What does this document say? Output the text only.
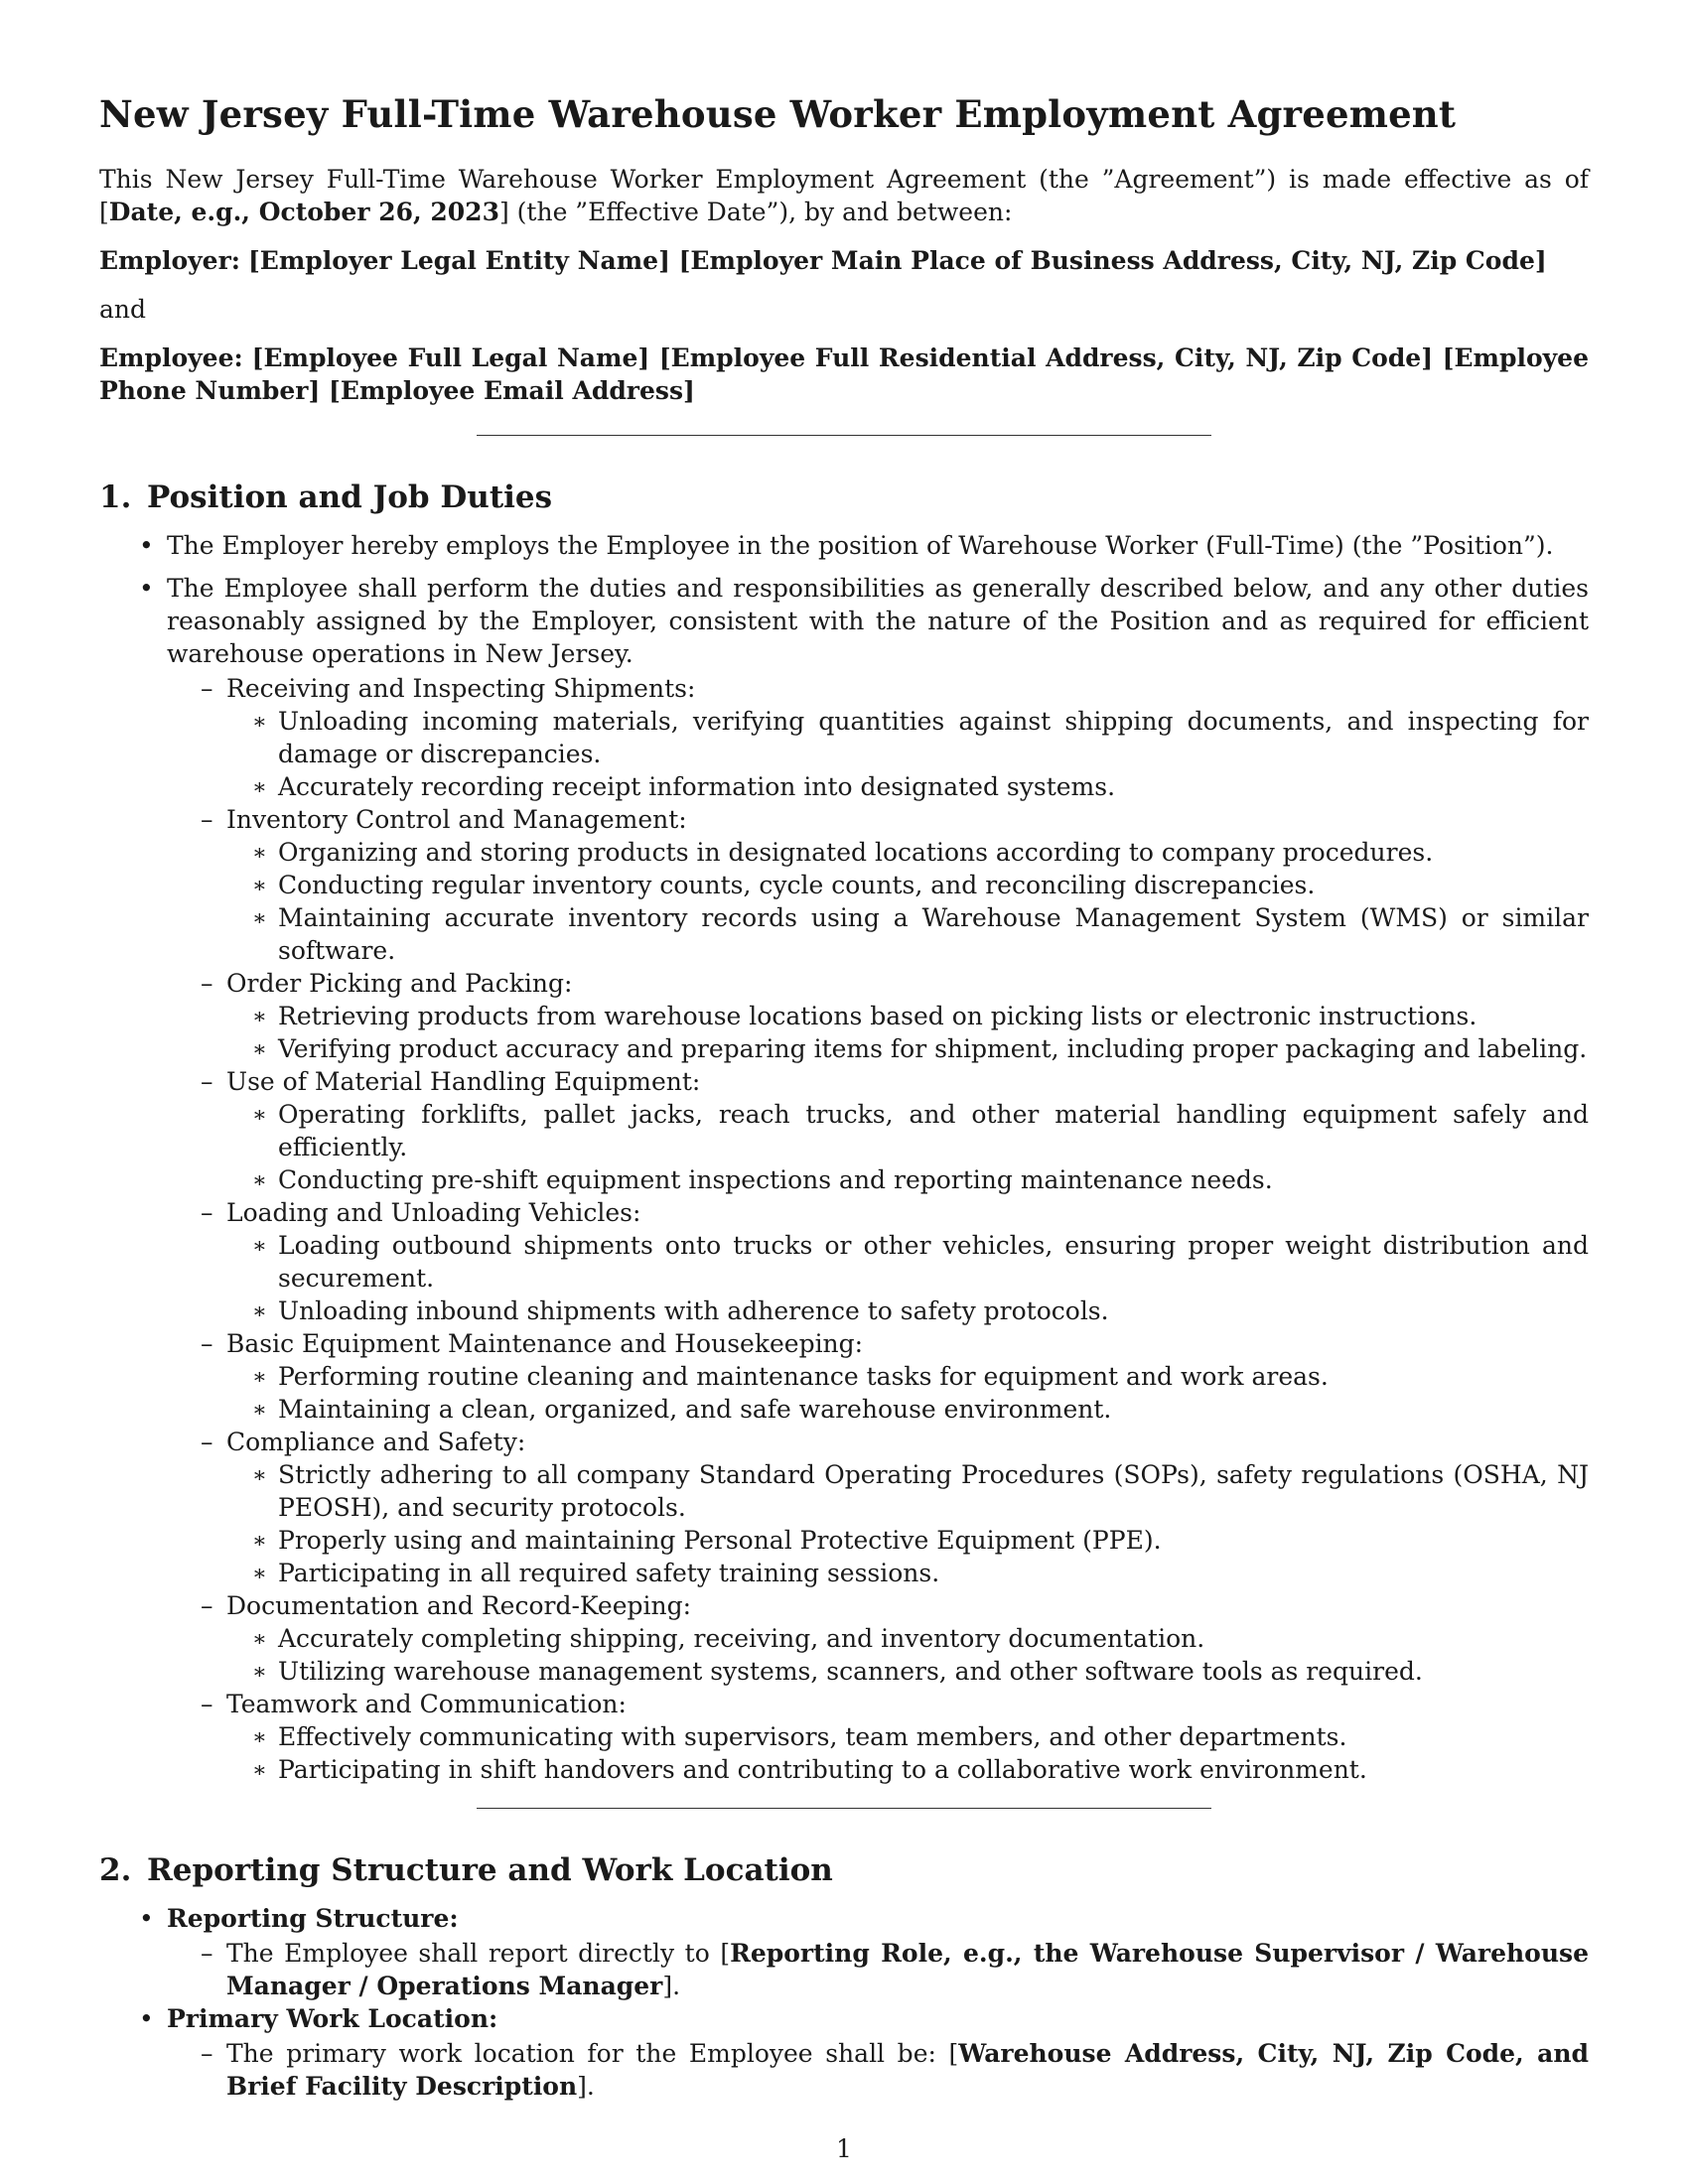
New Jersey Full-Time Warehouse Worker Employment Agreement

This New Jersey Full-Time Warehouse Worker Employment Agreement (the ”Agreement”) is made effective as of [Date, e.g., October 26, 2023] (the ”Effective Date”), by and between:

Employer: [Employer Legal Entity Name] [Employer Main Place of Business Address, City, NJ, Zip Code]

and

Employee: [Employee Full Legal Name] [Employee Full Residential Address, City, NJ, Zip Code] [Employee Phone Number] [Employee Email Address]

1. Position and Job Duties
• The Employer hereby employs the Employee in the position of Warehouse Worker (Full-Time) (the ”Position”).
• The Employee shall perform the duties and responsibilities as generally described below, and any other duties reasonably assigned by the Employer, consistent with the nature of the Position and as required for efficient warehouse operations in New Jersey.
– Receiving and Inspecting Shipments:
∗ Unloading incoming materials, verifying quantities against shipping documents, and inspecting for damage or discrepancies.
∗ Accurately recording receipt information into designated systems.
– Inventory Control and Management:
∗ Organizing and storing products in designated locations according to company procedures.
∗ Conducting regular inventory counts, cycle counts, and reconciling discrepancies.
∗ Maintaining accurate inventory records using a Warehouse Management System (WMS) or similar software.
– Order Picking and Packing:
∗ Retrieving products from warehouse locations based on picking lists or electronic instructions.
∗ Verifying product accuracy and preparing items for shipment, including proper packaging and labeling.
– Use of Material Handling Equipment:
∗ Operating forklifts, pallet jacks, reach trucks, and other material handling equipment safely and efficiently.
∗ Conducting pre-shift equipment inspections and reporting maintenance needs.
– Loading and Unloading Vehicles:
∗ Loading outbound shipments onto trucks or other vehicles, ensuring proper weight distribution and securement.
∗ Unloading inbound shipments with adherence to safety protocols.
– Basic Equipment Maintenance and Housekeeping:
∗ Performing routine cleaning and maintenance tasks for equipment and work areas.
∗ Maintaining a clean, organized, and safe warehouse environment.
– Compliance and Safety:
∗ Strictly adhering to all company Standard Operating Procedures (SOPs), safety regulations (OSHA, NJ PEOSH), and security protocols.
∗ Properly using and maintaining Personal Protective Equipment (PPE).
∗ Participating in all required safety training sessions.
– Documentation and Record-Keeping:
∗ Accurately completing shipping, receiving, and inventory documentation.
∗ Utilizing warehouse management systems, scanners, and other software tools as required.
– Teamwork and Communication:
∗ Effectively communicating with supervisors, team members, and other departments.
∗ Participating in shift handovers and contributing to a collaborative work environment.
2. Reporting Structure and Work Location
• Reporting Structure:
– The Employee shall report directly to [Reporting Role, e.g., the Warehouse Supervisor / Warehouse Manager / Operations Manager].
• Primary Work Location:
– The primary work location for the Employee shall be: [Warehouse Address, City, NJ, Zip Code, and Brief Facility Description].
1
